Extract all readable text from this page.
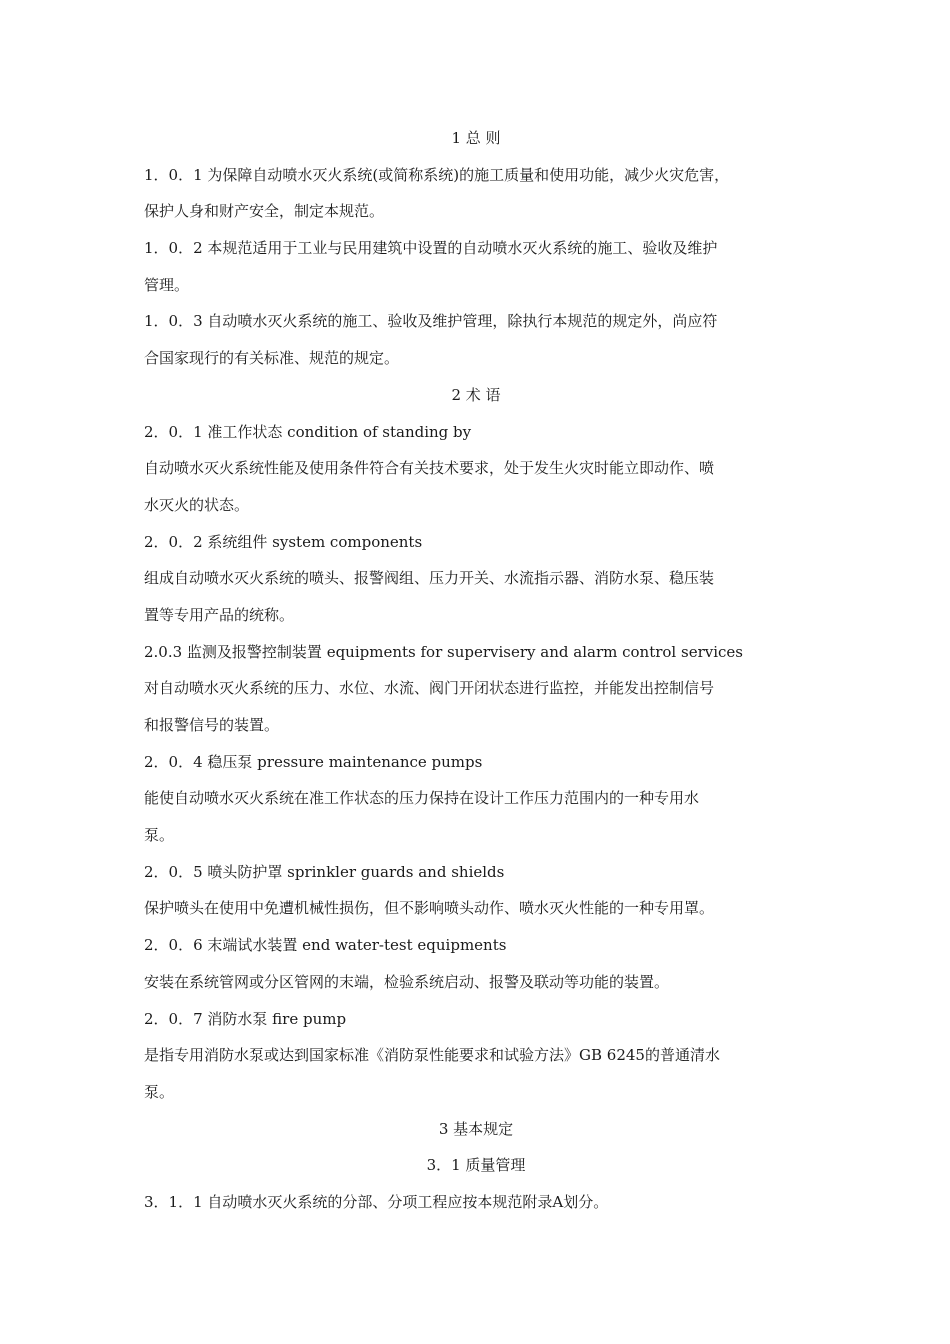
1 总 则
1．0．1 为保障自动喷水灭火系统(或简称系统)的施工质量和使用功能，减少火灾危害，
保护人身和财产安全，制定本规范。
1．0．2 本规范适用于工业与民用建筑中设置的自动喷水灭火系统的施工、验收及维护
管理。
1．0．3 自动喷水灭火系统的施工、验收及维护管理，除执行本规范的规定外，尚应符
合国家现行的有关标准、规范的规定。
2 术 语
2．0．1 准工作状态 condition of standing by
自动喷水灭火系统性能及使用条件符合有关技术要求，处于发生火灾时能立即动作、喷
水灭火的状态。
2．0．2 系统组件 system components
组成自动喷水灭火系统的喷头、报警阀组、压力开关、水流指示器、消防水泵、稳压装
置等专用产品的统称。
2.0.3 监测及报警控制装置 equipments for supervisery and alarm control services
对自动喷水灭火系统的压力、水位、水流、阀门开闭状态进行监控，并能发出控制信号
和报警信号的装置。
2．0．4 稳压泵 pressure maintenance pumps
能使自动喷水灭火系统在准工作状态的压力保持在设计工作压力范围内的一种专用水
泵。
2．0．5 喷头防护罩 sprinkler guards and shields
保护喷头在使用中免遭机械性损伤，但不影响喷头动作、喷水灭火性能的一种专用罩。
2．0．6 末端试水装置 end water-test equipments
安装在系统管网或分区管网的末端，检验系统启动、报警及联动等功能的装置。
2．0．7 消防水泵 fire pump
是指专用消防水泵或达到国家标准《消防泵性能要求和试验方法》GB 6245的普通清水
泵。
3 基本规定
3．1 质量管理
3．1．1 自动喷水灭火系统的分部、分项工程应按本规范附录A划分。
